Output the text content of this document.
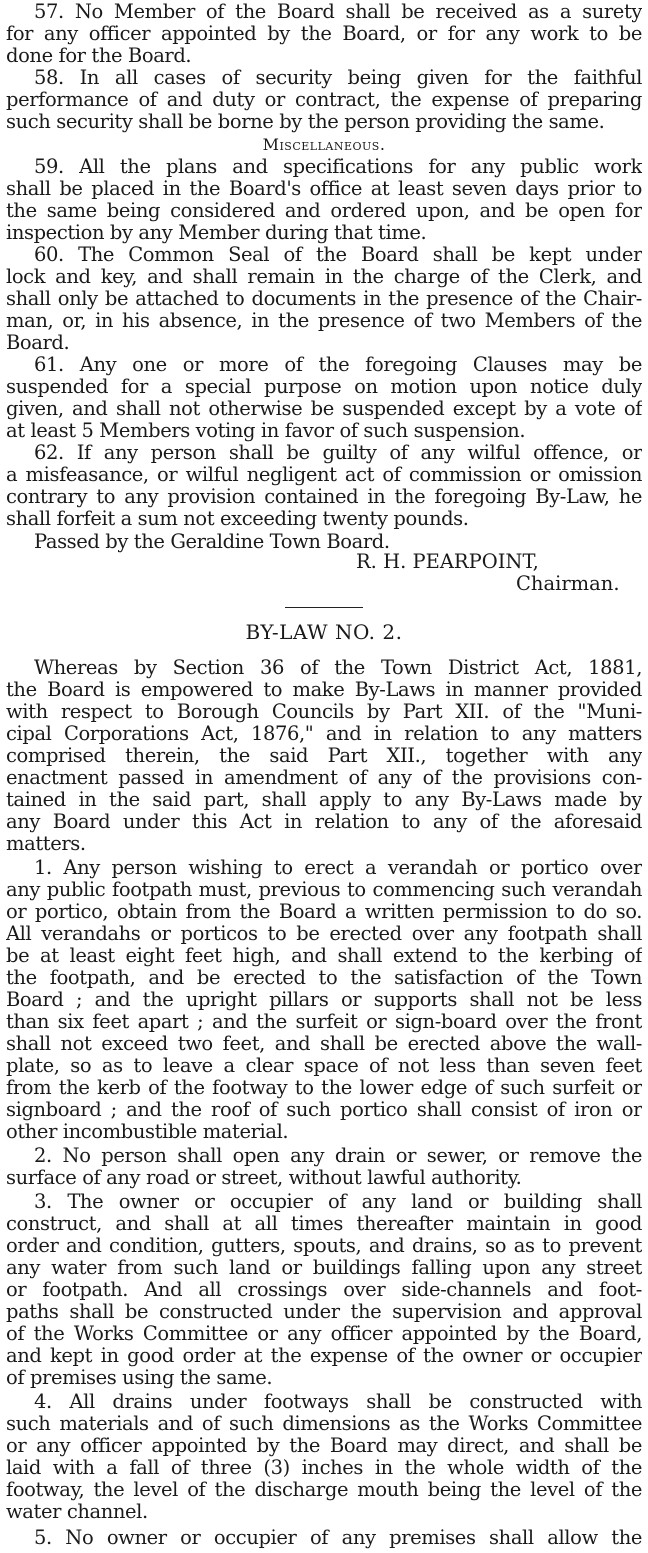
57. No Member of the Board shall be received as a surety
for any officer appointed by the Board, or for any work to be
done for the Board.
58. In all cases of security being given for the faithful
performance of and duty or contract, the expense of preparing
such security shall be borne by the person providing the same.
Miscellaneous.
59. All the plans and specifications for any public work
shall be placed in the Board's office at least seven days prior to
the same being considered and ordered upon, and be open for
inspection by any Member during that time.
60. The Common Seal of the Board shall be kept under
lock and key, and shall remain in the charge of the Clerk, and
shall only be attached to documents in the presence of the Chair-
man, or, in his absence, in the presence of two Members of the
Board.
61. Any one or more of the foregoing Clauses may be
suspended for a special purpose on motion upon notice duly
given, and shall not otherwise be suspended except by a vote of
at least 5 Members voting in favor of such suspension.
62. If any person shall be guilty of any wilful offence, or
a misfeasance, or wilful negligent act of commission or omission
contrary to any provision contained in the foregoing By-Law, he
shall forfeit a sum not exceeding twenty pounds.
Passed by the Geraldine Town Board.
R. H. PEARPOINT,
Chairman.
BY-LAW NO. 2.
Whereas by Section 36 of the Town District Act, 1881,
the Board is empowered to make By-Laws in manner provided
with respect to Borough Councils by Part XII. of the "Muni-
cipal Corporations Act, 1876," and in relation to any matters
comprised therein, the said Part XII., together with any
enactment passed in amendment of any of the provisions con-
tained in the said part, shall apply to any By-Laws made by
any Board under this Act in relation to any of the aforesaid
matters.
1. Any person wishing to erect a verandah or portico over
any public footpath must, previous to commencing such verandah
or portico, obtain from the Board a written permission to do so.
All verandahs or porticos to be erected over any footpath shall
be at least eight feet high, and shall extend to the kerbing of
the footpath, and be erected to the satisfaction of the Town
Board ; and the upright pillars or supports shall not be less
than six feet apart ; and the surfeit or sign-board over the front
shall not exceed two feet, and shall be erected above the wall-
plate, so as to leave a clear space of not less than seven feet
from the kerb of the footway to the lower edge of such surfeit or
signboard ; and the roof of such portico shall consist of iron or
other incombustible material.
2. No person shall open any drain or sewer, or remove the
surface of any road or street, without lawful authority.
3. The owner or occupier of any land or building shall
construct, and shall at all times thereafter maintain in good
order and condition, gutters, spouts, and drains, so as to prevent
any water from such land or buildings falling upon any street
or footpath. And all crossings over side-channels and foot-
paths shall be constructed under the supervision and approval
of the Works Committee or any officer appointed by the Board,
and kept in good order at the expense of the owner or occupier
of premises using the same.
4. All drains under footways shall be constructed with
such materials and of such dimensions as the Works Committee
or any officer appointed by the Board may direct, and shall be
laid with a fall of three (3) inches in the whole width of the
footway, the level of the discharge mouth being the level of the
water channel.
5. No owner or occupier of any premises shall allow the
